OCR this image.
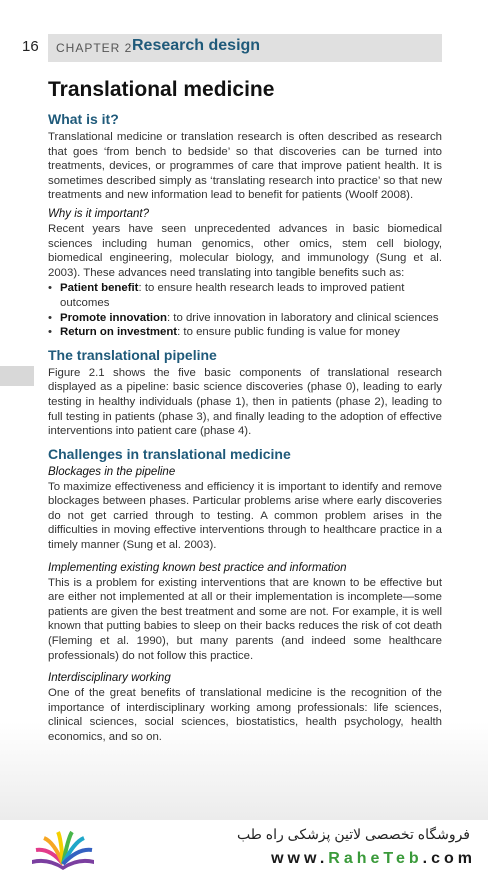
16 CHAPTER 2 Research design
Translational medicine
What is it?

Translational medicine or translation research is often described as research that goes ‘from bench to bedside’ so that discoveries can be turned into treatments, devices, or programmes of care that improve patient health. It is sometimes described simply as ‘translating research into practice’ so that new treatments and new information lead to benefit for patients (Woolf 2008).

Why is it important?

Recent years have seen unprecedented advances in basic biomedical sciences including human genomics, other omics, stem cell biology, biomedical engineering, molecular biology, and immunology (Sung et al. 2003). These advances need translating into tangible benefits such as:

• Patient benefit: to ensure health research leads to improved patient outcomes
• Promote innovation: to drive innovation in laboratory and clinical sciences
• Return on investment: to ensure public funding is value for money
The translational pipeline

Figure 2.1 shows the five basic components of translational research displayed as a pipeline: basic science discoveries (phase 0), leading to early testing in healthy individuals (phase 1), then in patients (phase 2), leading to full testing in patients (phase 3), and finally leading to the adoption of effective interventions into patient care (phase 4).

Challenges in translational medicine
Blockages in the pipeline

To maximize effectiveness and efficiency it is important to identify and remove blockages between phases. Particular problems arise where early discoveries do not get carried through to testing. A common problem arises in the difficulties in moving effective interventions through to healthcare practice in a timely manner (Sung et al. 2003).

Implementing existing known best practice and information

This is a problem for existing interventions that are known to be effective but are either not implemented at all or their implementation is incomplete—some patients are given the best treatment and some are not. For example, it is well known that putting babies to sleep on their backs reduces the risk of cot death (Fleming et al. 1990), but many parents (and indeed some healthcare professionals) do not follow this practice.

Interdisciplinary working

One of the great benefits of translational medicine is the recognition of the importance of interdisciplinary working among professionals: life sciences, clinical sciences, social sciences, biostatistics, health psychology, health economics, and so on.

فروشگاه تخصصی لاتین پزشکی راه طب
www.RaheTeb.com
